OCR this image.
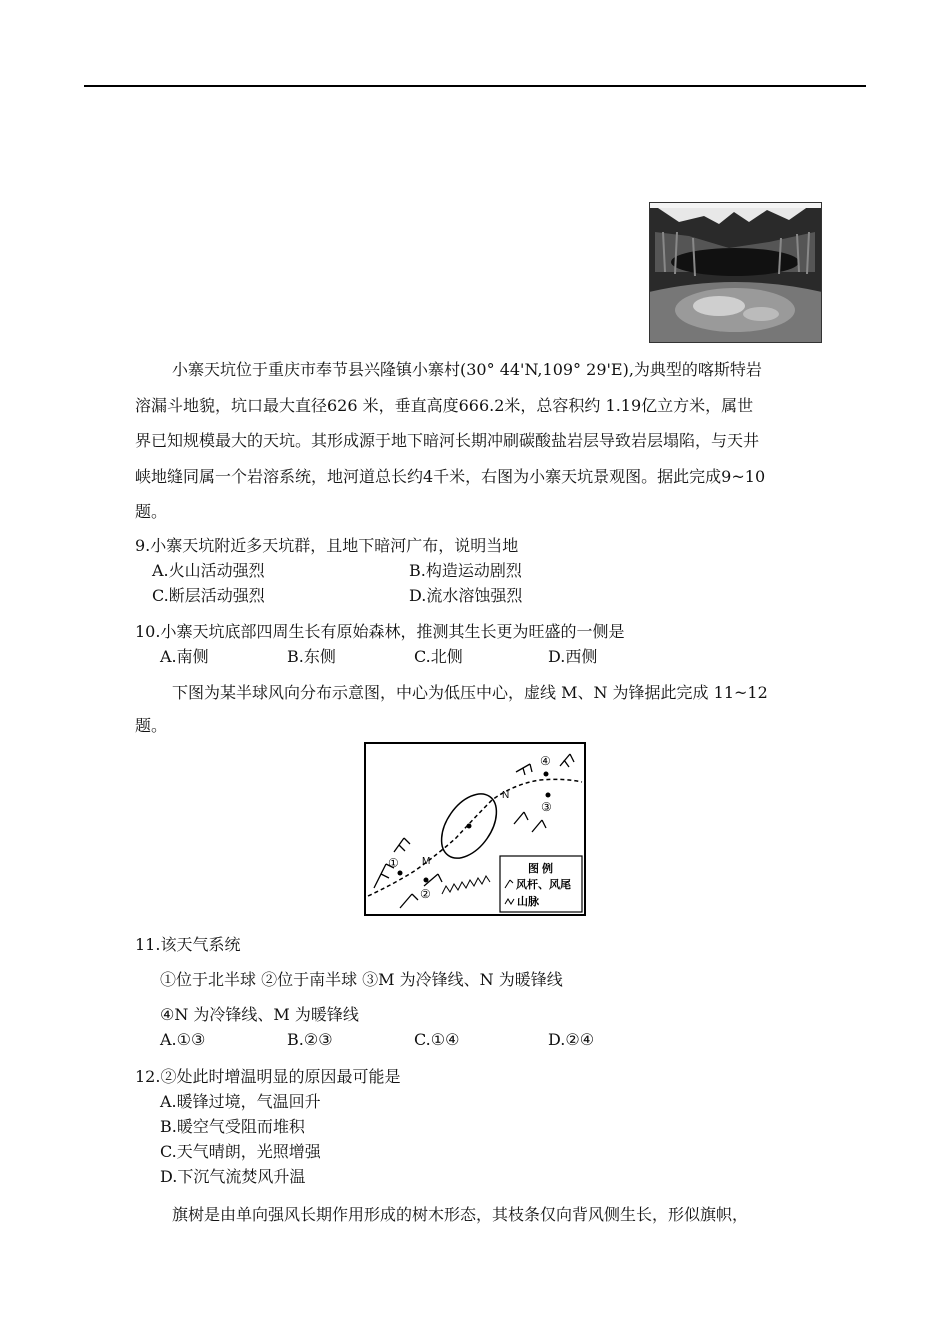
小寨天坑位于重庆市奉节县兴隆镇小寨村(30° 44'N,109° 29'E),为典型的喀斯特岩
溶漏斗地貌，坑口最大直径626 米，垂直高度666.2米，总容积约 1.19亿立方米，属世
界已知规模最大的天坑。其形成源于地下暗河长期冲刷碳酸盐岩层导致岩层塌陷，与天井
峡地缝同属一个岩溶系统，地河道总长约4千米，右图为小寨天坑景观图。据此完成9~10
题。
9.小寨天坑附近多天坑群，且地下暗河广布，说明当地
A.火山活动强烈	B.构造运动剧烈
C.断层活动强烈	D.流水溶蚀强烈
10.小寨天坑底部四周生长有原始森林，推测其生长更为旺盛的一侧是
A.南侧	B.东侧	C.北侧	D.西侧
下图为某半球风向分布示意图，中心为低压中心，虚线 M、N 为锋据此完成 11~12
题。
M
N
①
②
③
④
图 例
风杆、风尾
山脉
11.该天气系统
①位于北半球 ②位于南半球 ③M 为冷锋线、N 为暖锋线
④N 为冷锋线、M 为暖锋线
A.①③	B.②③	C.①④	D.②④
12.②处此时增温明显的原因最可能是
A.暖锋过境，气温回升
B.暖空气受阻而堆积
C.天气晴朗，光照增强
D.下沉气流焚风升温
旗树是由单向强风长期作用形成的树木形态，其枝条仅向背风侧生长，形似旗帜，
